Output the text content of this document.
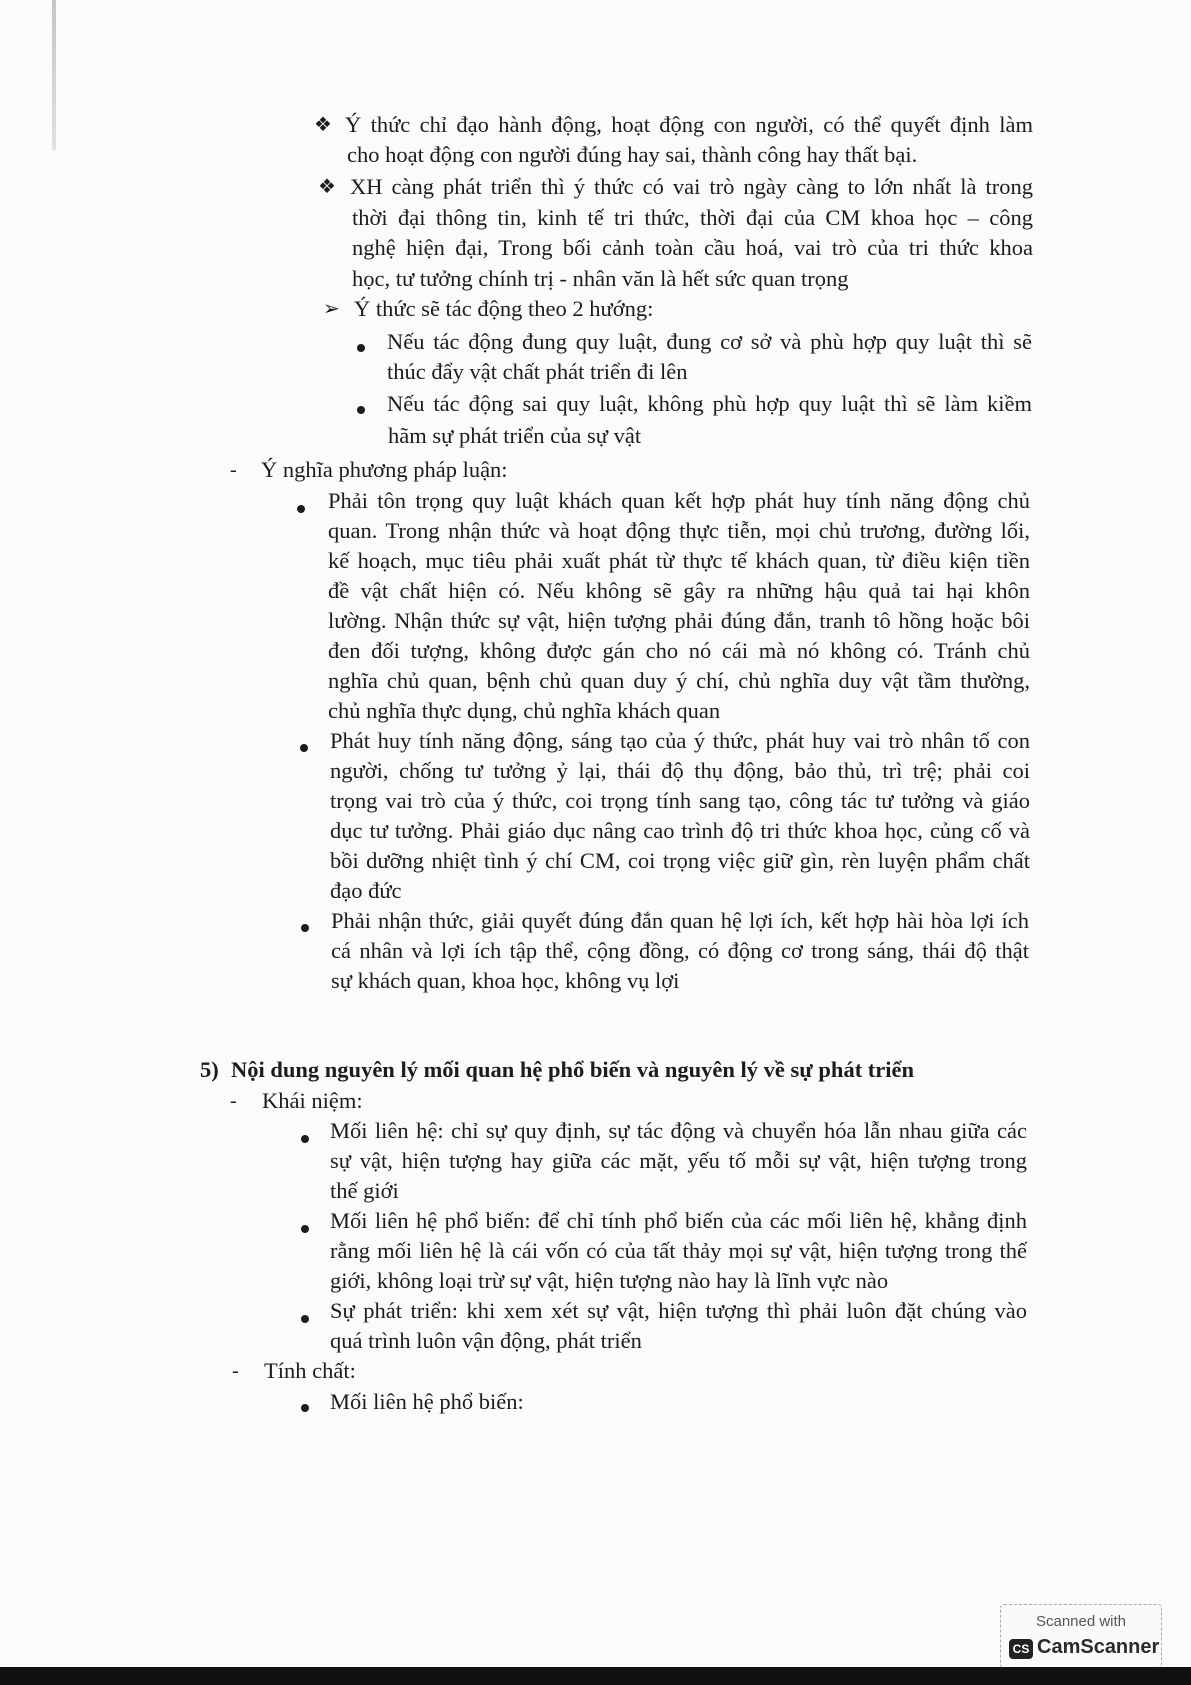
❖ Ý thức chỉ đạo hành động, hoạt động con người, có thể quyết định làm
cho hoạt động con người đúng hay sai, thành công hay thất bại.
❖ XH càng phát triển thì ý thức có vai trò ngày càng to lớn nhất là trong
thời đại thông tin, kinh tế tri thức, thời đại của CM khoa học – công
nghệ hiện đại, Trong bối cảnh toàn cầu hoá, vai trò của tri thức khoa
học, tư tưởng chính trị - nhân văn là hết sức quan trọng
➢ Ý thức sẽ tác động theo 2 hướng:
Nếu tác động đung quy luật, đung cơ sở và phù hợp quy luật thì sẽ
thúc đẩy vật chất phát triển đi lên
Nếu tác động sai quy luật, không phù hợp quy luật thì sẽ làm kiềm
hãm sự phát triển của sự vật
- Ý nghĩa phương pháp luận:
Phải tôn trọng quy luật khách quan kết hợp phát huy tính năng động chủ
quan. Trong nhận thức và hoạt động thực tiễn, mọi chủ trương, đường lối,
kế hoạch, mục tiêu phải xuất phát từ thực tế khách quan, từ điều kiện tiền
đề vật chất hiện có. Nếu không sẽ gây ra những hậu quả tai hại khôn
lường. Nhận thức sự vật, hiện tượng phải đúng đắn, tranh tô hồng hoặc bôi
đen đối tượng, không được gán cho nó cái mà nó không có. Tránh chủ
nghĩa chủ quan, bệnh chủ quan duy ý chí, chủ nghĩa duy vật tầm thường,
chủ nghĩa thực dụng, chủ nghĩa khách quan
Phát huy tính năng động, sáng tạo của ý thức, phát huy vai trò nhân tố con
người, chống tư tưởng ỷ lại, thái độ thụ động, bảo thủ, trì trệ; phải coi
trọng vai trò của ý thức, coi trọng tính sang tạo, công tác tư tưởng và giáo
dục tư tưởng. Phải giáo dục nâng cao trình độ tri thức khoa học, củng cố và
bồi dưỡng nhiệt tình ý chí CM, coi trọng việc giữ gìn, rèn luyện phẩm chất
đạo đức
Phải nhận thức, giải quyết đúng đắn quan hệ lợi ích, kết hợp hài hòa lợi ích
cá nhân và lợi ích tập thể, cộng đồng, có động cơ trong sáng, thái độ thật
sự khách quan, khoa học, không vụ lợi
5) Nội dung nguyên lý mối quan hệ phổ biến và nguyên lý về sự phát triển
- Khái niệm:
Mối liên hệ: chỉ sự quy định, sự tác động và chuyển hóa lẫn nhau giữa các
sự vật, hiện tượng hay giữa các mặt, yếu tố mỗi sự vật, hiện tượng trong
thế giới
Mối liên hệ phổ biến: để chỉ tính phổ biến của các mối liên hệ, khẳng định
rằng mối liên hệ là cái vốn có của tất thảy mọi sự vật, hiện tượng trong thế
giới, không loại trừ sự vật, hiện tượng nào hay là lĩnh vực nào
Sự phát triển: khi xem xét sự vật, hiện tượng thì phải luôn đặt chúng vào
quá trình luôn vận động, phát triển
- Tính chất:
Mối liên hệ phổ biến:
Scanned with
CS CamScanner
